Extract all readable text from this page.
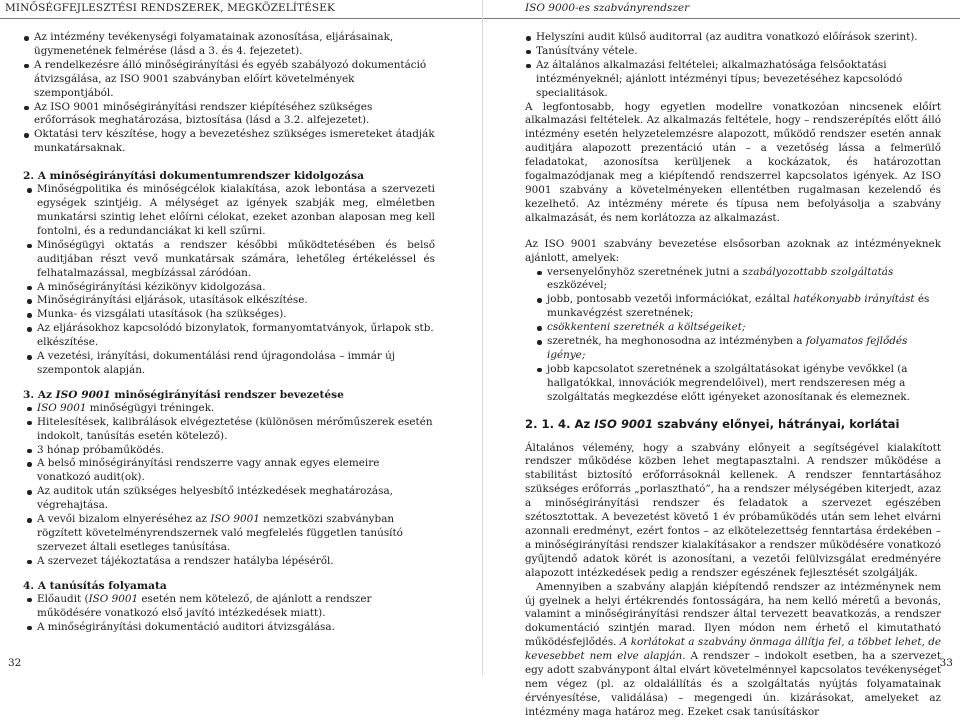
MINŐSÉGFEJLESZTÉSI RENDSZEREK, MEGKÖZELÍTÉSEK
Az intézmény tevékenységi folyamatainak azonosítása, eljárásainak, ügymenetének felmérése (lásd a 3. és 4. fejezetet).
A rendelkezésre álló minőségirányítási és egyéb szabályozó dokumentáció átvizsgálása, az ISO 9001 szabványban előírt követelmények szempontjából.
Az ISO 9001 minőségirányítási rendszer kiépítéséhez szükséges erőforrások meghatározása, biztosítása (lásd a 3.2. alfejezetet).
Oktatási terv készítése, hogy a bevezetéshez szükséges ismereteket átadják munkatársaknak.
2. A minőségirányítási dokumentumrendszer kidolgozása
Minőségpolitika és minőségcélok kialakítása, azok lebontása a szervezeti egységek szintjéig. A mélységet az igények szabják meg, elméletben munkatársi szintig lehet előírni célokat, ezeket azonban alaposan meg kell fontolni, és a redundanciákat ki kell szűrni.
Minőségügyi oktatás a rendszer későbbi működtetésében és belső auditjában részt vevő munkatársak számára, lehetőleg értékeléssel és felhatalmazással, megbízással záródóan.
A minőségirányítási kézikönyv kidolgozása.
Minőségirányítási eljárások, utasítások elkészítése.
Munka- és vizsgálati utasítások (ha szükséges).
Az eljárásokhoz kapcsolódó bizonylatok, formanyomtatványok, űrlapok stb. elkészítése.
A vezetési, irányítási, dokumentálási rend újragondolása – immár új szempontok alapján.
3. Az ISO 9001 minőségirányítási rendszer bevezetése
ISO 9001 minőségügyi tréningek.
Hitelesítések, kalibrálások elvégeztetése (különösen mérőműszerek esetén indokolt, tanúsítás esetén kötelező).
3 hónap próbaműködés.
A belső minőségirányítási rendszerre vagy annak egyes elemeire vonatkozó audit(ok).
Az auditok után szükséges helyesbítő intézkedések meghatározása, végrehajtása.
A vevői bizalom elnyeréséhez az ISO 9001 nemzetközi szabványban rögzített követelményrendszernek való megfelelés független tanúsító szervezet általi esetleges tanúsítása.
A szervezet tájékoztatása a rendszer hatályba lépéséről.
4. A tanúsítás folyamata
Előaudit (ISO 9001 esetén nem kötelező, de ajánlott a rendszer működésére vonatkozó első javító intézkedések miatt).
A minőségirányítási dokumentáció auditori átvizsgálása.
32
ISO 9000-es szabványrendszer
Helyszíni audit külső auditorral (az auditra vonatkozó előírások szerint).
Tanúsítvány vétele.
Az általános alkalmazási feltételei; alkalmazhatósága felsőoktatási intézményeknél; ajánlott intézményi típus; bevezetéséhez kapcsolódó specialitások.

A legfontosabb, hogy egyetlen modellre vonatkozóan nincsenek előírt alkalmazási feltételek. Az alkalmazás feltétele, hogy – rendszerépítés előtt álló intézmény esetén helyzetelemzésre alapozott, működő rendszer esetén annak auditjára alapozott prezentáció után – a vezetőség lássa a felmerülő feladatokat, azonosítsa kerüljenek a kockázatok, és határozottan fogalmazódjanak meg a kiépítendő rendszerrel kapcsolatos igények. Az ISO 9001 szabvány a követelményeken ellentétben rugalmasan kezelendő és kezelhető. Az intézmény mérete és típusa nem befolyásolja a szabvány alkalmazását, és nem korlátozza az alkalmazást.

Az ISO 9001 szabvány bevezetése elsősorban azoknak az intézményeknek ajánlott, amelyek:

versenyelőnyhöz szeretnének jutni a szabályozottabb szolgáltatás eszközével;
jobb, pontosabb vezetői információkat, ezáltal hatékonyabb irányítást és munkavégzést szeretnének;
csökkenteni szeretnék a költségeiket;
szeretnék, ha meghonosodna az intézményben a folyamatos fejlődés igénye;
jobb kapcsolatot szeretnének a szolgáltatásokat igénybe vevőkkel (a hallgatókkal, innovációk megrendelőivel), mert rendszeresen még a szolgáltatás megkezdése előtt igényeket azonosítanak és elemeznek.
2. 1. 4. Az ISO 9001 szabvány előnyei, hátrányai, korlátai

Általános vélemény, hogy a szabvány előnyeit a segítségével kialakított rendszer működése közben lehet megtapasztalni. A rendszer működése a stabilitást biztosító erőforrásoknál kellenek. A rendszer fenntartásához szükséges erőforrás „porlasztható”, ha a rendszer mélységében kiterjedt, azaz a minőségirányítási rendszer és feladatok a szervezet egészében szétosztottak. A bevezetést követő 1 év próbaműködés után sem lehet elvárni azonnali eredményt, ezért fontos – az elkötelezettség fenntartása érdekében – a minőségirányítási rendszer kialakításakor a rendszer működésére vonatkozó gyűjtendő adatok körét is azonosítani, a vezetői felülvizsgálat eredményére alapozott intézkedések pedig a rendszer egészének fejlesztését szolgálják.

Amennyiben a szabvány alapján kiépítendő rendszer az intézménynek nem új gyelnek a helyi értékrendés fontosságára, ha nem kelló méretű a bevonás, valamint a minőségirányítási rendszer által tervezett beavatkozás, a rendszer dokumentáció szintjén marad. Ilyen módon nem érhető el kimutatható működésfejlődés. A korlátokat a szabvány önmaga állítja fel, a többet lehet, de kevesebbet nem elve alapján. A rendszer – indokolt esetben, ha a szervezet egy adott szabványpont által elvárt követelménnyel kapcsolatos tevékenységet nem végez (pl. az oldalállítás és a szolgáltatás nyújtás folyamatainak érvényesítése, validálása) – megengedi ún. kizárásokat, amelyeket az intézmény maga határoz meg. Ezeket csak tanúsításkor

33
